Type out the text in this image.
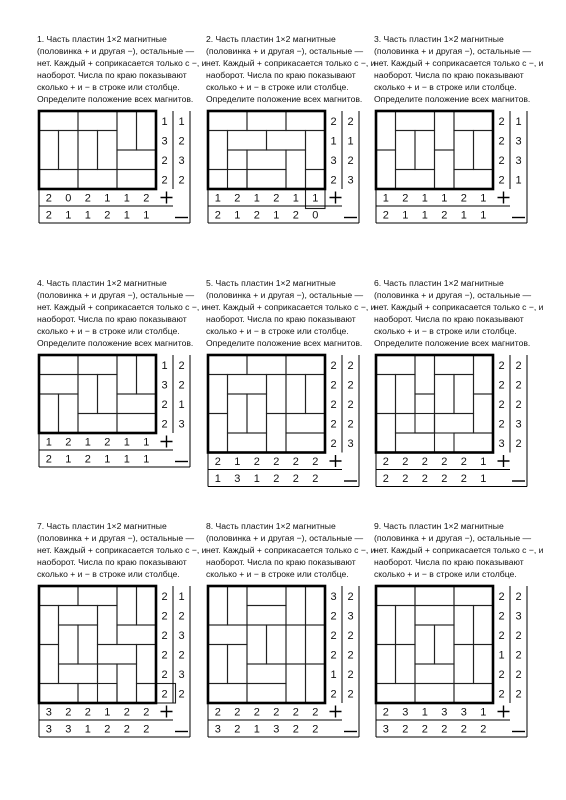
1. Часть пластин 1×2 магнитные (половинка + и другая −), остальные — нет. Каждый + соприкасается только с −, и наоборот. Числа по краю показывают сколько + и − в строке или столбце. Определите положение всех магнитов.

1 1
3 2
2 3
2 2
2
2
0
1
2
1
1
2
1
1
2
1

2. Часть пластин 1×2 магнитные (половинка + и другая −), остальные — нет. Каждый + соприкасается только с −, и наоборот. Числа по краю показывают сколько + и − в строке или столбце. Определите положение всех магнитов.

2 2
1 1
3 2
2 3
1
2
2
1
1
2
2
1
1
2
1
0

3. Часть пластин 1×2 магнитные (половинка + и другая −), остальные — нет. Каждый + соприкасается только с −, и наоборот. Числа по краю показывают сколько + и − в строке или столбце. Определите положение всех магнитов.

2 1
2 3
2 3
2 1
1
2
2
1
1
1
1
2
2
1
1
1

4. Часть пластин 1×2 магнитные (половинка + и другая −), остальные — нет. Каждый + соприкасается только с −, и наоборот. Числа по краю показывают сколько + и − в строке или столбце. Определите положение всех магнитов.

1 2
3 2
2 1
2 3
1
2
2
1
1
2
2
1
1
1
1
1

5. Часть пластин 1×2 магнитные (половинка + и другая −), остальные — нет. Каждый + соприкасается только с −, и наоборот. Числа по краю показывают сколько + и − в строке или столбце. Определите положение всех магнитов.

2 2
2 2
2 2
2 2
2 3
2
1
1
3
2
1
2
2
2
2
2
2

6. Часть пластин 1×2 магнитные (половинка + и другая −), остальные — нет. Каждый + соприкасается только с −, и наоборот. Числа по краю показывают сколько + и − в строке или столбце. Определите положение всех магнитов.

2 2
2 2
2 2
2 3
3 2
2
2
2
2
2
2
2
2
2
2
1
1

7. Часть пластин 1×2 магнитные (половинка + и другая −), остальные — нет. Каждый + соприкасается только с −, и наоборот. Числа по краю показывают сколько + и − в строке или столбце.

2 1
2 2
2 3
2 2
2 3
2 2
3
3
2
3
2
1
1
2
2
2
2
2

8. Часть пластин 1×2 магнитные (половинка + и другая −), остальные — нет. Каждый + соприкасается только с −, и наоборот. Числа по краю показывают сколько + и − в строке или столбце.

3 2
2 3
2 2
2 2
1 2
2 2
2
3
2
2
2
1
2
3
2
2
2
2

9. Часть пластин 1×2 магнитные (половинка + и другая −), остальные — нет. Каждый + соприкасается только с −, и наоборот. Числа по краю показывают сколько + и − в строке или столбце.

2 2
2 3
2 2
1 2
2 2
2 2
2
3
3
2
1
2
3
2
3
2
1
2
